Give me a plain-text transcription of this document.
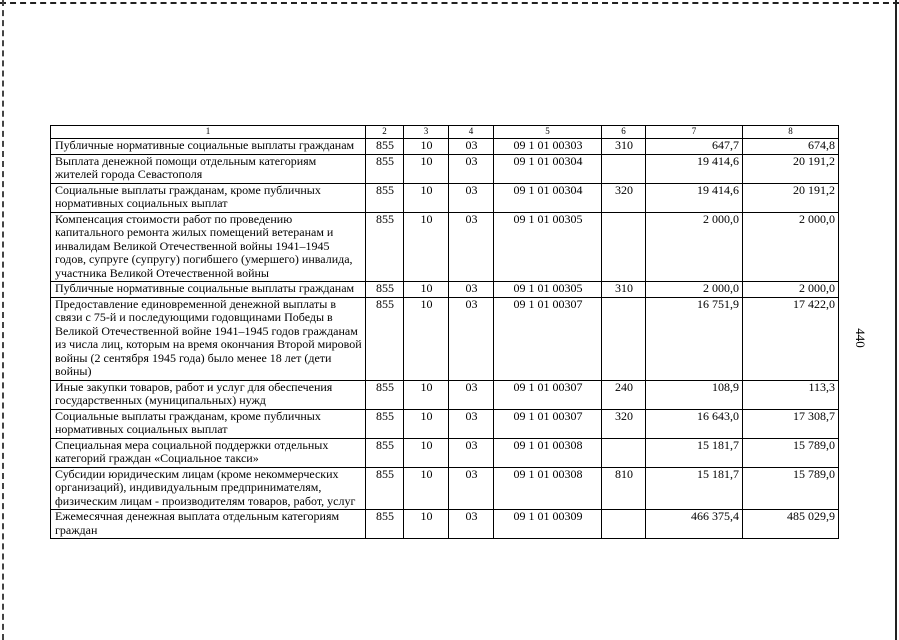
440
1	2	3	4	5	6	7	8
Публичные нормативные социальные выплаты гражданам	855	10	03	09 1 01 00303	310	647,7	674,8
Выплата денежной помощи отдельным категориям жителей города Севастополя	855	10	03	09 1 01 00304		19 414,6	20 191,2
Социальные выплаты гражданам, кроме публичных нормативных социальных выплат	855	10	03	09 1 01 00304	320	19 414,6	20 191,2
Компенсация стоимости работ по проведению капитального ремонта жилых помещений ветеранам и инвалидам Великой Отечественной войны 1941–1945 годов, супруге (супругу) погибшего (умершего) инвалида, участника Великой Отечественной войны	855	10	03	09 1 01 00305		2 000,0	2 000,0
Публичные нормативные социальные выплаты гражданам	855	10	03	09 1 01 00305	310	2 000,0	2 000,0
Предоставление единовременной денежной выплаты в связи с 75-й и последующими годовщинами Победы в Великой Отечественной войне 1941–1945 годов гражданам из числа лиц, которым на время окончания Второй мировой войны (2 сентября 1945 года) было менее 18 лет (дети войны)	855	10	03	09 1 01 00307		16 751,9	17 422,0
Иные закупки товаров, работ и услуг для обеспечения государственных (муниципальных) нужд	855	10	03	09 1 01 00307	240	108,9	113,3
Социальные выплаты гражданам, кроме публичных нормативных социальных выплат	855	10	03	09 1 01 00307	320	16 643,0	17 308,7
Специальная мера социальной поддержки отдельных категорий граждан «Социальное такси»	855	10	03	09 1 01 00308		15 181,7	15 789,0
Субсидии юридическим лицам (кроме некоммерческих организаций), индивидуальным предпринимателям, физическим лицам - производителям товаров, работ, услуг	855	10	03	09 1 01 00308	810	15 181,7	15 789,0
Ежемесячная денежная выплата отдельным категориям граждан	855	10	03	09 1 01 00309		466 375,4	485 029,9
